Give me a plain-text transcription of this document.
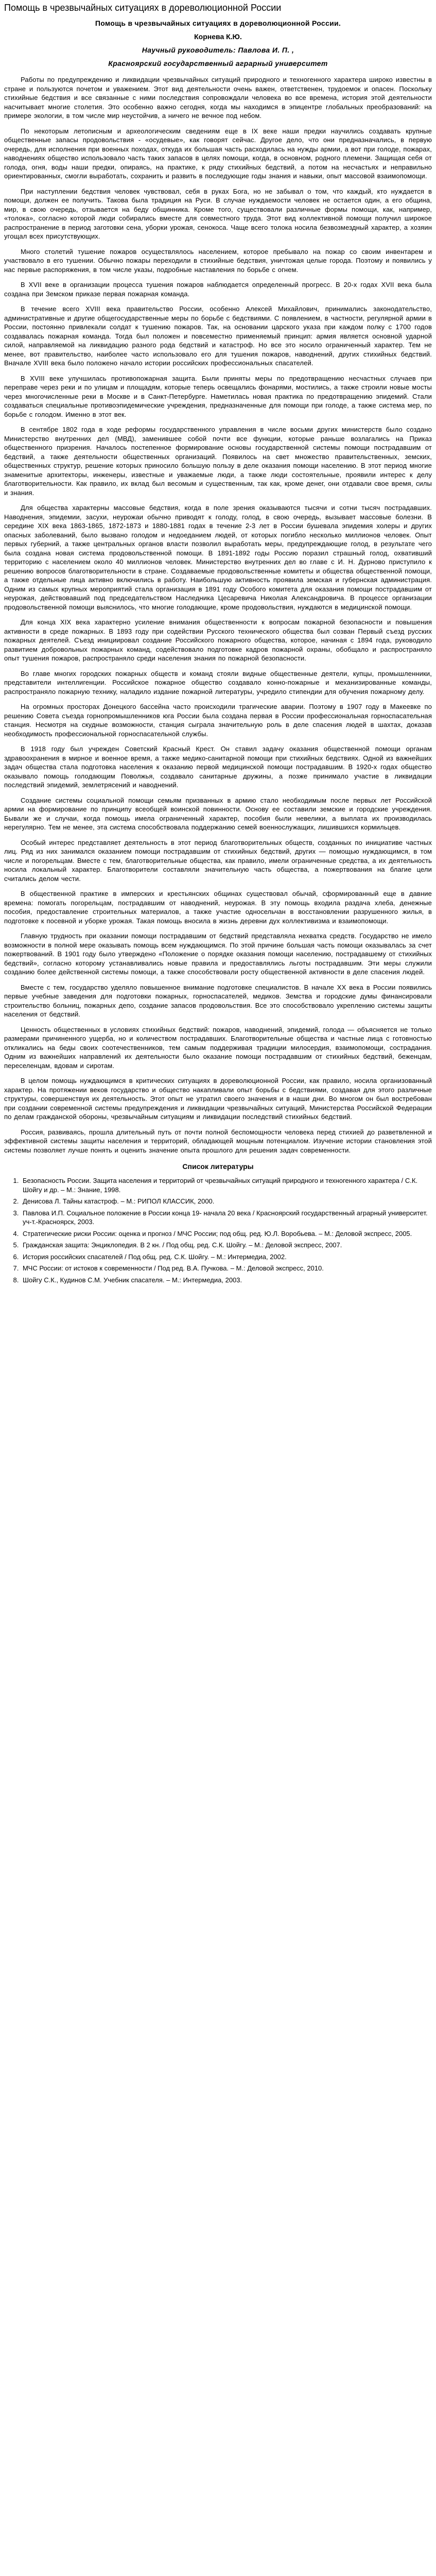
Помощь в чрезвычайных ситуациях в дореволюционной России
Помощь в чрезвычайных ситуациях в дореволюционной России.
Корнева К.Ю.
Научный руководитель: Павлова И. П. ,
Красноярский государственный аграрный университет

Работы по предупреждению и ликвидации чрезвычайных ситуаций природного и техногенного характера широко известны в стране и пользуются почетом и уважением. Этот вид деятельности очень важен, ответственен, трудоемок и опасен. Поскольку стихийные бедствия и все связанные с ними последствия сопровождали человека во все времена, история этой деятельности насчитывает многие столетия. Это особенно важно сегодня, когда мы находимся в эпицентре глобальных преобразований: на примере экологии, в том числе мир неустойчив, а ничего не вечное под небом.

По некоторым летописным и археологическим сведениям еще в IX веке наши предки научились создавать крупные общественные запасы продовольствия - «осудевые», как говорят сейчас. Другое дело, что они предназначались, в первую очередь, для исполнения при военных походах, откуда их большая часть расходилась на нужды армии, а вот при голоде, пожарах, наводнениях общество использовало часть таких запасов в целях помощи, когда, в основном, родного племени. Защищая себя от голода, огня, воды наши предки, опираясь, на практике, к ряду стихийных бедствий, а потом на несчастьях и неправильно ориентированных, смогли выработать, сохранить и развить в последующие годы знания и навыки, опыт массовой взаимопомощи.

При наступлении бедствия человек чувствовал, себя в руках Бога, но не забывал о том, что каждый, кто нуждается в помощи, должен ее получить. Такова была традиция на Руси. В случае нуждаемости человек не остается один, а его община, мир, в свою очередь, отзывается на беду общинника. Кроме того, существовали различные формы помощи, как, например, «толока», согласно которой люди собирались вместе для совместного труда. Этот вид коллективной помощи получил широкое распространение в период заготовки сена, уборки урожая, сенокоса. Чаще всего толока носила безвозмездный характер, а хозяин угощал всех присутствующих.

Много столетий тушение пожаров осуществлялось населением, которое пребывало на пожар со своим инвентарем и участвовало в его тушении. Обычно пожары переходили в стихийные бедствия, уничтожая целые города. Поэтому и появились у нас первые распоряжения, в том числе указы, подробные наставления по борьбе с огнем.

В XVII веке в организации процесса тушения пожаров наблюдается определенный прогресс. В 20-х годах XVII века была создана при Земском приказе первая пожарная команда.

В течение всего XVIII века правительство России, особенно Алексей Михайлович, принимались законодательство, административные и другие общегосударственные меры по борьбе с бедствиями. С появлением, в частности, регулярной армии в России, постоянно привлекали солдат к тушению пожаров. Так, на основании царского указа при каждом полку с 1700 годов создавалась пожарная команда. Тогда был положен и повсеместно применяемый принцип: армия является основной ударной силой, направляемой на ликвидацию разного рода бедствий и катастроф. Но все это носило ограниченный характер. Тем не менее, вот правительство, наиболее часто использовало его для тушения пожаров, наводнений, других стихийных бедствий. Вначале XVIII века было положено начало истории российских профессиональных спасателей.

В XVIII веке улучшилась противопожарная защита. Были приняты меры по предотвращению несчастных случаев при переправе через реки и по улицам и площадям, которые теперь освещались фонарями, мостились, а также строили новые мосты через многочисленные реки в Москве и в Санкт-Петербурге. Наметилась новая практика по предотвращению эпидемий. Стали создаваться специальные противоэпидемические учреждения, предназначенные для помощи при голоде, а также система мер, по борьбе с голодом. Именно в этот век.

В сентябре 1802 года в ходе реформы государственного управления в числе восьми других министерств было создано Министерство внутренних дел (МВД), заменившее собой почти все функции, которые раньше возлагались на Приказ общественного призрения. Началось постепенное формирование основы государственной системы помощи пострадавшим от бедствий, а также деятельности общественных организаций. Появилось на свет множество правительственных, земских, общественных структур, решение которых приносило большую пользу в деле оказания помощи населению. В этот период многие знаменитые архитекторы, инженеры, известные и уважаемые люди, а также люди состоятельные, проявили интерес к делу благотворительности. Как правило, их вклад был весомым и существенным, так как, кроме денег, они отдавали свое время, силы и знания.

Для общества характерны массовые бедствия, когда в поле зрения оказываются тысячи и сотни тысяч пострадавших. Наводнения, эпидемии, засухи, неурожаи обычно приводят к голоду, голод, в свою очередь, вызывает массовые болезни. В середине XIX века 1863-1865, 1872-1873 и 1880-1881 годах в течение 2-3 лет в России бушевала эпидемия холеры и других опасных заболеваний, было вызвано голодом и недоеданием людей, от которых погибло несколько миллионов человек. Опыт первых губерний, а также центральных органов власти позволил выработать меры, предупреждающие голод, в результате чего была создана новая система продовольственной помощи. В 1891-1892 годы Россию поразил страшный голод, охвативший территорию с населением около 40 миллионов человек. Министерство внутренних дел во главе с И. Н. Дурново приступило к решению вопросов благотворительности в стране. Создаваемые продовольственные комитеты и общества общественной помощи, а также отдельные лица активно включились в работу. Наибольшую активность проявила земская и губернская администрация. Одним из самых крупных мероприятий стала организация в 1891 году Особого комитета для оказания помощи пострадавшим от неурожая, действовавший под председательством Наследника Цесаревича Николая Александровича. В процессе организации продовольственной помощи выяснилось, что многие голодающие, кроме продовольствия, нуждаются в медицинской помощи.

Для конца XIX века характерно усиление внимания общественности к вопросам пожарной безопасности и повышения активности в среде пожарных. В 1893 году при содействии Русского технического общества был созван Первый съезд русских пожарных деятелей. Съезд инициировал создание Российского пожарного общества, которое, начиная с 1894 года, руководило развитием добровольных пожарных команд, содействовало подготовке кадров пожарной охраны, обобщало и распространяло опыт тушения пожаров, распространяло среди населения знания по пожарной безопасности.

Во главе многих городских пожарных обществ и команд стояли видные общественные деятели, купцы, промышленники, представители интеллигенции. Российское пожарное общество создавало конно-пожарные и механизированные команды, распространяло пожарную технику, наладило издание пожарной литературы, учредило стипендии для обучения пожарному делу.

На огромных просторах Донецкого бассейна часто происходили трагические аварии. Поэтому в 1907 году в Макеевке по решению Совета съезда горнопромышленников юга России была создана первая в России профессиональная горноспасательная станция. Несмотря на скудные возможности, станция сыграла значительную роль в деле спасения людей в шахтах, доказав необходимость профессиональной горноспасательной службы.

В 1918 году был учрежден Советский Красный Крест. Он ставил задачу оказания общественной помощи органам здравоохранения в мирное и военное время, а также медико-санитарной помощи при стихийных бедствиях. Одной из важнейших задач общества стала подготовка населения к оказанию первой медицинской помощи пострадавшим. В 1920-х годах общество оказывало помощь голодающим Поволжья, создавало санитарные дружины, а позже принимало участие в ликвидации последствий эпидемий, землетрясений и наводнений.

Создание системы социальной помощи семьям призванных в армию стало необходимым после первых лет Российской армии на формирование по принципу всеобщей воинской повинности. Основу ее составили земские и городские учреждения. Бывали же и случаи, когда помощь имела ограниченный характер, пособия были невелики, а выплата их производилась нерегулярно. Тем не менее, эта система способствовала поддержанию семей военнослужащих, лишившихся кормильцев.

Особый интерес представляет деятельность в этот период благотворительных обществ, созданных по инициативе частных лиц. Ряд из них занимался оказанием помощи пострадавшим от стихийных бедствий, других — помощью нуждающимся, в том числе и погорельцам. Вместе с тем, благотворительные общества, как правило, имели ограниченные средства, а их деятельность носила локальный характер. Благотворители составляли значительную часть общества, а пожертвования на благие цели считались делом чести.

В общественной практике в имперских и крестьянских общинах существовал обычай, сформированный еще в давние времена: помогать погорельцам, пострадавшим от наводнений, неурожая. В эту помощь входила раздача хлеба, денежные пособия, предоставление строительных материалов, а также участие односельчан в восстановлении разрушенного жилья, в подготовке к посевной и уборке урожая. Такая помощь вносила в жизнь деревни дух коллективизма и взаимопомощи.

Главную трудность при оказании помощи пострадавшим от бедствий представляла нехватка средств. Государство не имело возможности в полной мере оказывать помощь всем нуждающимся. По этой причине большая часть помощи оказывалась за счет пожертвований. В 1901 году было утверждено «Положение о порядке оказания помощи населению, пострадавшему от стихийных бедствий», согласно которому устанавливались новые правила и предоставлялись льготы пострадавшим. Эти меры служили созданию более действенной системы помощи, а также способствовали росту общественной активности в деле спасения людей.

Вместе с тем, государство уделяло повышенное внимание подготовке специалистов. В начале XX века в России появились первые учебные заведения для подготовки пожарных, горноспасателей, медиков. Земства и городские думы финансировали строительство больниц, пожарных депо, создание запасов продовольствия. Все это способствовало укреплению системы защиты населения от бедствий.

Ценность общественных в условиях стихийных бедствий: пожаров, наводнений, эпидемий, голода — объясняется не только размерами причиненного ущерба, но и количеством пострадавших. Благотворительные общества и частные лица с готовностью откликались на беды своих соотечественников, тем самым поддерживая традиции милосердия, взаимопомощи, сострадания. Одним из важнейших направлений их деятельности было оказание помощи пострадавшим от стихийных бедствий, беженцам, переселенцам, вдовам и сиротам.

В целом помощь нуждающимся в критических ситуациях в дореволюционной России, как правило, носила организованный характер. На протяжении веков государство и общество накапливали опыт борьбы с бедствиями, создавая для этого различные структуры, совершенствуя их деятельность. Этот опыт не утратил своего значения и в наши дни. Во многом он был востребован при создании современной системы предупреждения и ликвидации чрезвычайных ситуаций, Министерства Российской Федерации по делам гражданской обороны, чрезвычайным ситуациям и ликвидации последствий стихийных бедствий.

Россия, развиваясь, прошла длительный путь от почти полной беспомощности человека перед стихией до разветвленной и эффективной системы защиты населения и территорий, обладающей мощным потенциалом. Изучение истории становления этой системы позволяет лучше понять и оценить значение опыта прошлого для решения задач современности.

Список литературы
1. Безопасность России. Защита населения и территорий от чрезвычайных ситуаций природного и техногенного характера / С.К. Шойгу и др. – М.: Знание, 1998.
2. Денисова Л. Тайны катастроф. – М.: РИПОЛ КЛАССИК, 2000.
3. Павлова И.П. Социальное положение в России конца 19- начала 20 века / Красноярский государственный аграрный университет. уч-т.-Красноярск, 2003.
4. Стратегические риски России: оценка и прогноз / МЧС России; под общ. ред. Ю.Л. Воробьева. – М.: Деловой экспресс, 2005.
5. Гражданская защита: Энциклопедия. В 2 кн. / Под общ. ред. С.К. Шойгу. – М.: Деловой экспресс, 2007.
6. История российских спасателей / Под общ. ред. С.К. Шойгу. – М.: Интермедиа, 2002.
7. МЧС России: от истоков к современности / Под ред. В.А. Пучкова. – М.: Деловой экспресс, 2010.
8. Шойгу С.К., Кудинов С.М. Учебник спасателя. – М.: Интермедиа, 2003.
